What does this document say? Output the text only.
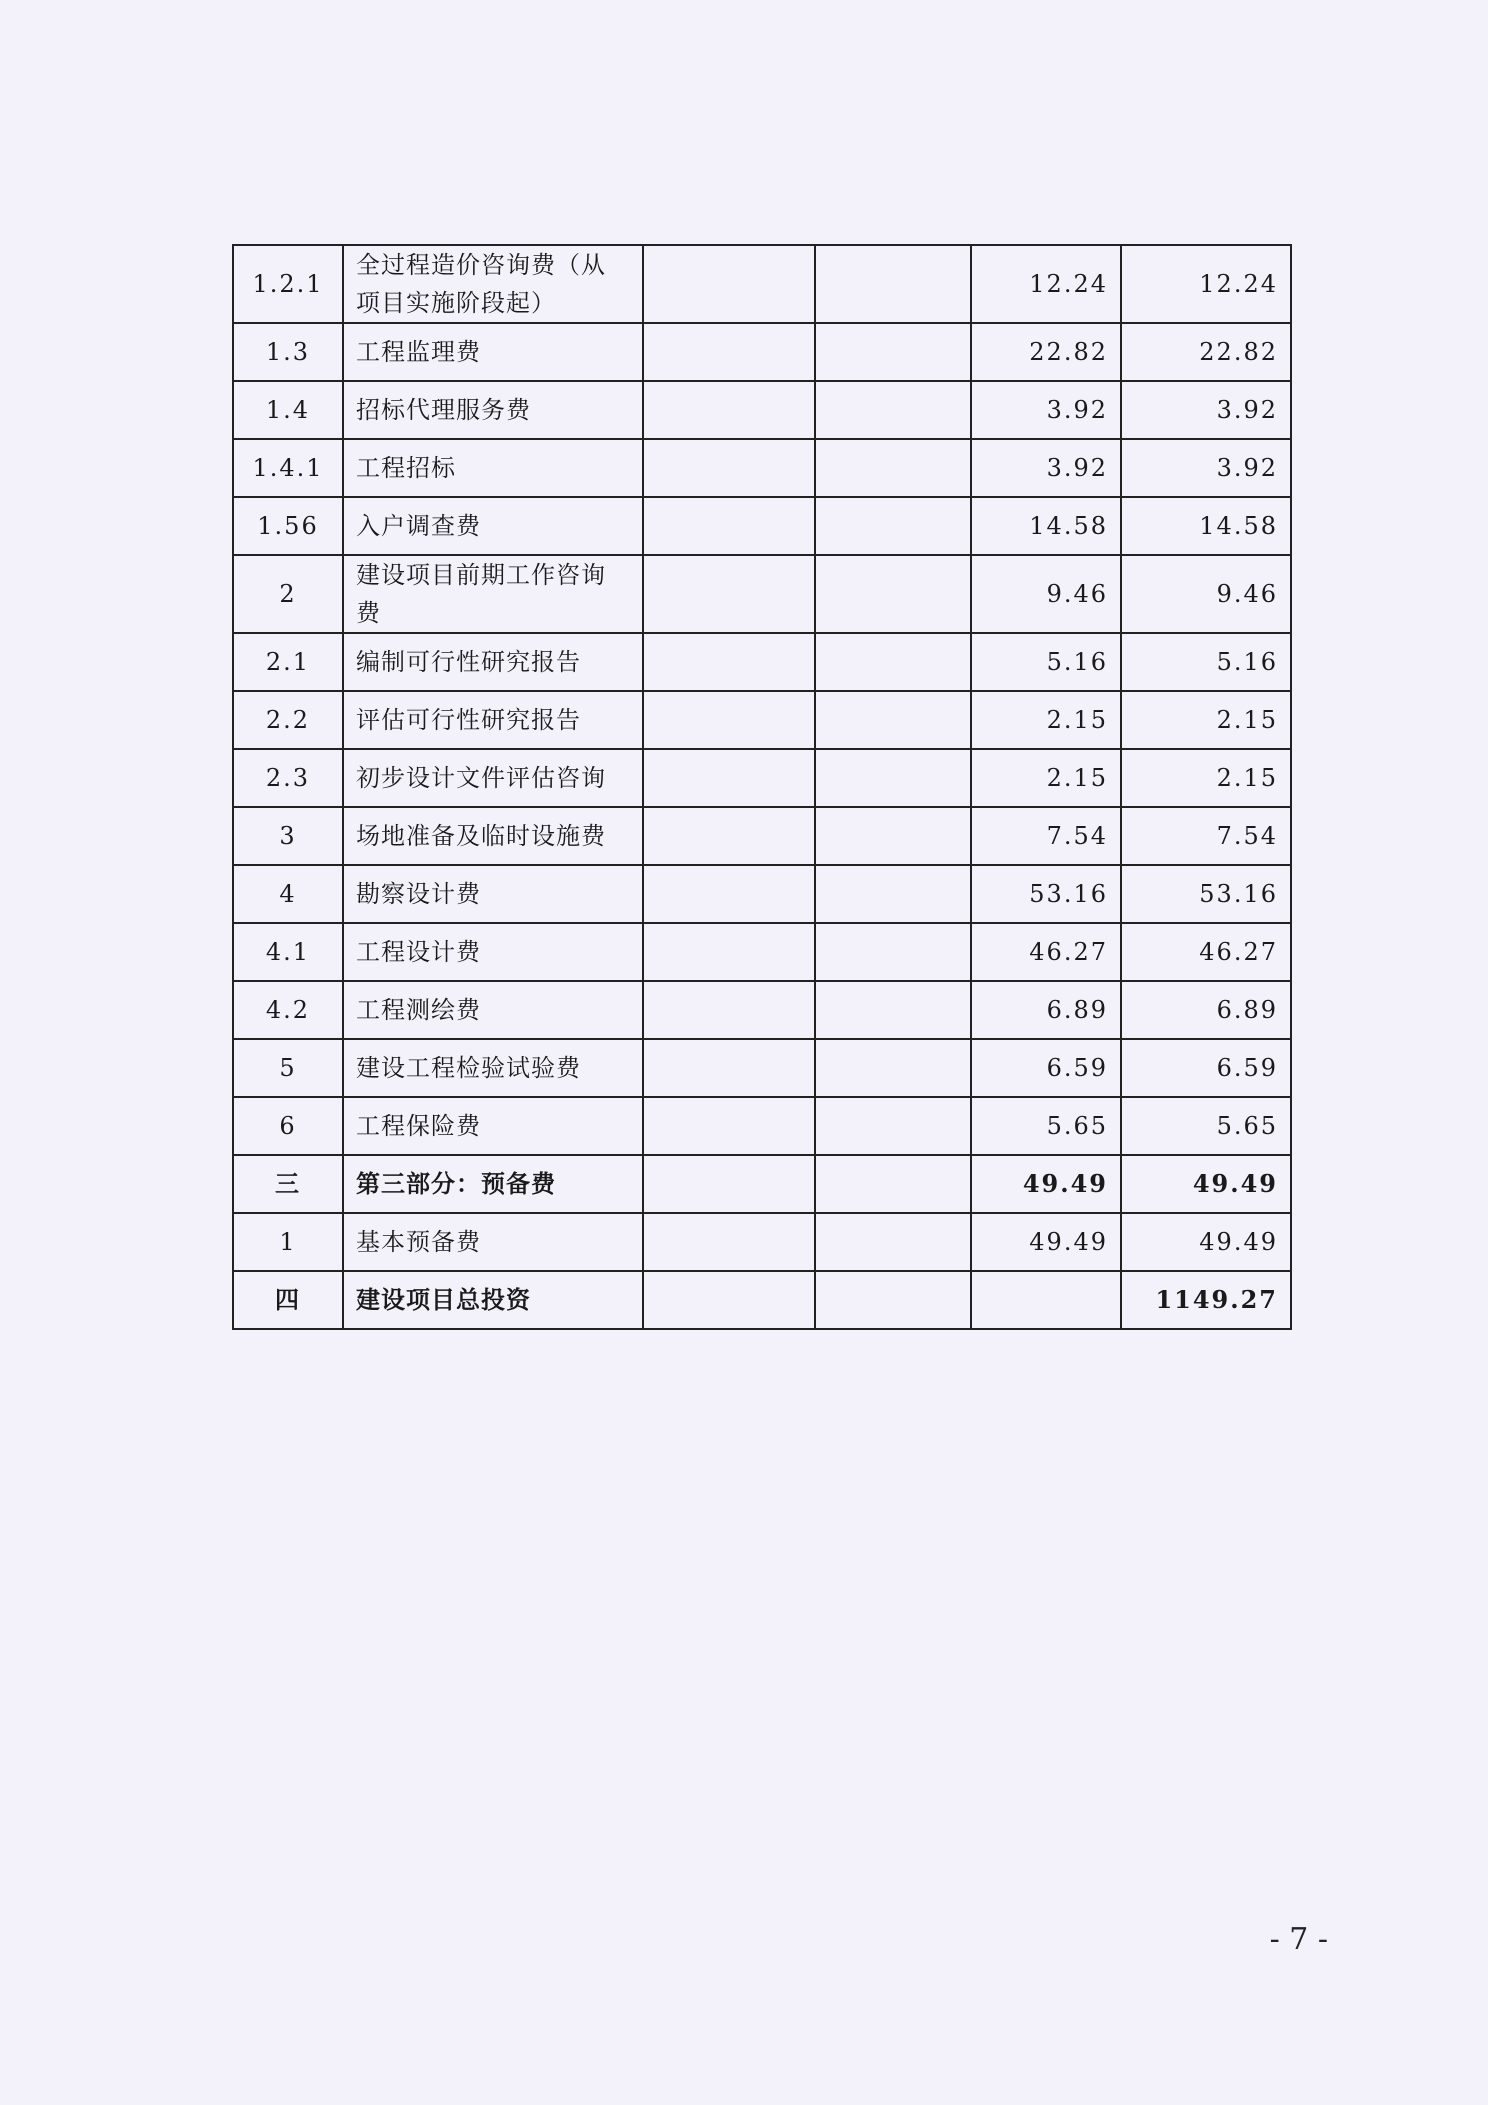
1.2.1	全过程造价咨询费（从项目实施阶段起）			12.24	12.24
1.3	工程监理费			22.82	22.82
1.4	招标代理服务费			3.92	3.92
1.4.1	工程招标			3.92	3.92
1.56	入户调查费			14.58	14.58
2	建设项目前期工作咨询费			9.46	9.46
2.1	编制可行性研究报告			5.16	5.16
2.2	评估可行性研究报告			2.15	2.15
2.3	初步设计文件评估咨询			2.15	2.15
3	场地准备及临时设施费			7.54	7.54
4	勘察设计费			53.16	53.16
4.1	工程设计费			46.27	46.27
4.2	工程测绘费			6.89	6.89
5	建设工程检验试验费			6.59	6.59
6	工程保险费			5.65	5.65
三	第三部分：预备费			49.49	49.49
1	基本预备费			49.49	49.49
四	建设项目总投资				1149.27
- 7 -
